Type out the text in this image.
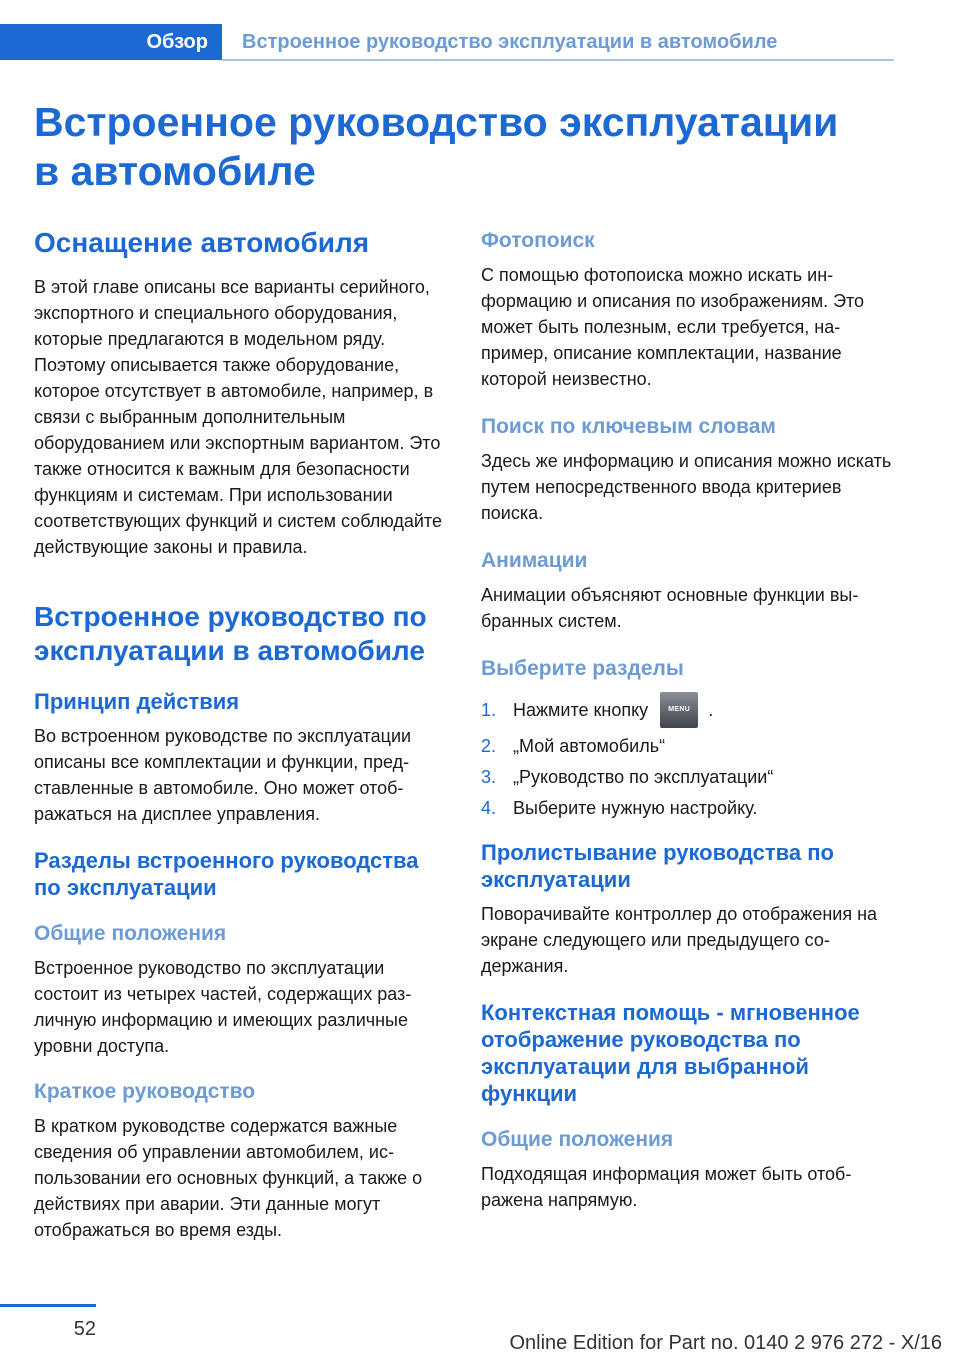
Обзор Встроенное руководство эксплуатации в автомобиле
Встроенное руководство эксплуатации
в автомобиле
Оснащение автомобиля

В этой главе описаны все варианты серийного, экспортного и специального оборудования, которые предлагаются в модельном ряду. Поэтому описывается также оборудование, которое отсутствует в автомобиле, например, в связи с выбранным дополнительным оборудованием или экспортным вариантом. Это также относится к важным для безопасности функциям и системам. При использовании соответствующих функций и систем соблюдайте действующие законы и правила.

Встроенное руководство по эксплуатации в автомобиле
Принцип действия

Во встроенном руководстве по эксплуатации описаны все комплектации и функции, представленные в автомобиле. Оно может отображаться на дисплее управления.

Разделы встроенного руководства по эксплуатации
Общие положения

Встроенное руководство по эксплуатации состоит из четырех частей, содержащих различную информацию и имеющих различные уровни доступа.

Краткое руководство

В кратком руководстве содержатся важные сведения об управлении автомобилем, использовании его основных функций, а также о действиях при аварии. Эти данные могут отображаться во время езды.

Фотопоиск

С помощью фотопоиска можно искать информацию и описания по изображениям. Это может быть полезным, если требуется, например, описание комплектации, название которой неизвестно.

Поиск по ключевым словам

Здесь же информацию и описания можно искать путем непосредственного ввода критериев поиска.

Анимации

Анимации объясняют основные функции выбранных систем.

Выберите разделы
1. Нажмите кнопку	MENU	.
2. „Мой автомобиль“
3. „Руководство по эксплуатации“
4. Выберите нужную настройку.
Пролистывание руководства по эксплуатации

Поворачивайте контроллер до отображения на экране следующего или предыдущего содержания.

Контекстная помощь - мгновенное отображение руководства по эксплуатации для выбранной функции
Общие положения

Подходящая информация может быть отображена напрямую.

52
Online Edition for Part no. 0140 2 976 272 - X/16
